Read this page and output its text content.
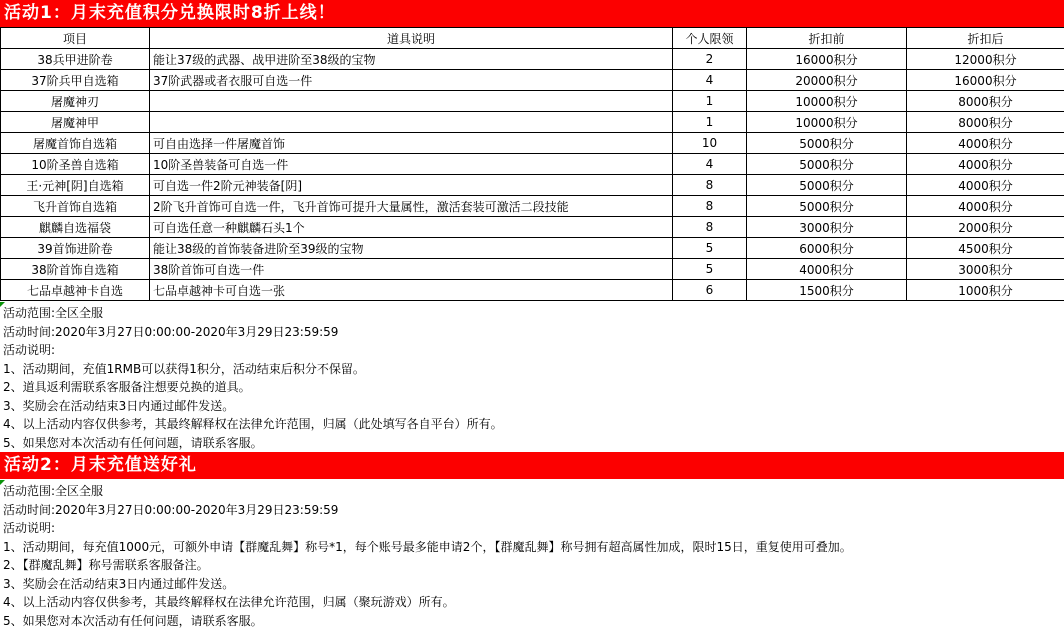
活动1：月末充值积分兑换限时8折上线！
项目	道具说明	个人限领	折扣前	折扣后
38兵甲进阶卷	能让37级的武器、战甲进阶至38级的宝物	2	16000积分	12000积分
37阶兵甲自选箱	37阶武器或者衣服可自选一件	4	20000积分	16000积分
屠魔神刃		1	10000积分	8000积分
屠魔神甲		1	10000积分	8000积分
屠魔首饰自选箱	可自由选择一件屠魔首饰	10	5000积分	4000积分
10阶圣兽自选箱	10阶圣兽装备可自选一件	4	5000积分	4000积分
王·元神[阴]自选箱	可自选一件2阶元神装备[阴]	8	5000积分	4000积分
飞升首饰自选箱	2阶飞升首饰可自选一件，飞升首饰可提升大量属性，激活套装可激活二段技能	8	5000积分	4000积分
麒麟自选福袋	可自选任意一种麒麟石头1个	8	3000积分	2000积分
39首饰进阶卷	能让38级的首饰装备进阶至39级的宝物	5	6000积分	4500积分
38阶首饰自选箱	38阶首饰可自选一件	5	4000积分	3000积分
七品卓越神卡自选	七品卓越神卡可自选一张	6	1500积分	1000积分
活动范围:全区全服
活动时间:2020年3月27日0:00:00-2020年3月29日23:59:59
活动说明:
1、活动期间，充值1RMB可以获得1积分，活动结束后积分不保留。
2、道具返利需联系客服备注想要兑换的道具。
3、奖励会在活动结束3日内通过邮件发送。
4、以上活动内容仅供参考，其最终解释权在法律允许范围，归属（此处填写各自平台）所有。
5、如果您对本次活动有任何问题，请联系客服。
活动2：月末充值送好礼
活动范围:全区全服
活动时间:2020年3月27日0:00:00-2020年3月29日23:59:59
活动说明:
1、活动期间，每充值1000元，可额外申请【群魔乱舞】称号*1，每个账号最多能申请2个，【群魔乱舞】称号拥有超高属性加成，限时15日，重复使用可叠加。
2、【群魔乱舞】称号需联系客服备注。
3、奖励会在活动结束3日内通过邮件发送。
4、以上活动内容仅供参考，其最终解释权在法律允许范围，归属（聚玩游戏）所有。
5、如果您对本次活动有任何问题，请联系客服。
